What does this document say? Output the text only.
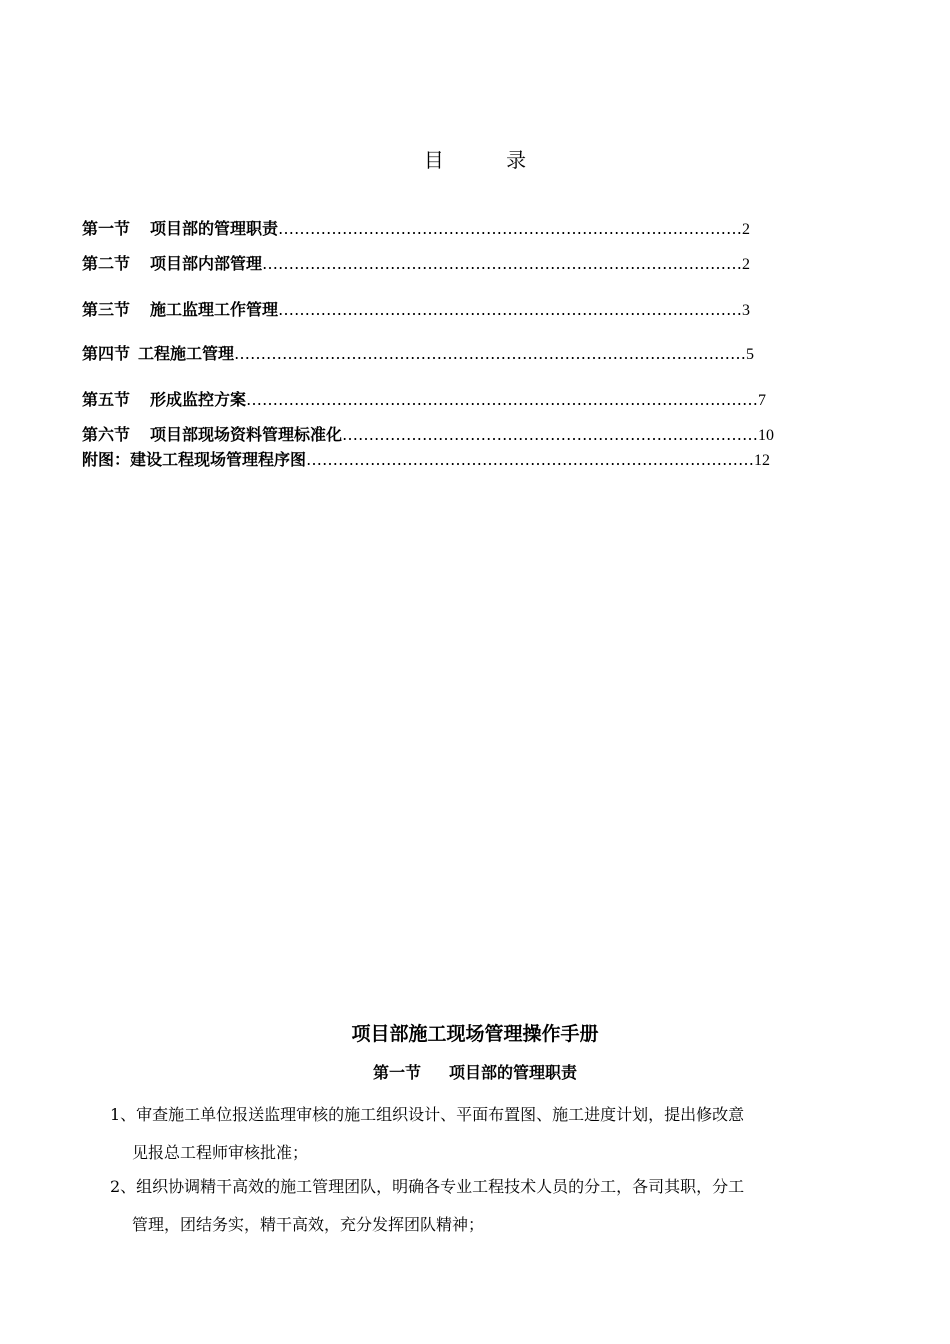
目 录
第一节 项目部的管理职责……………………………………………………………………………2
第二节 项目部内部管理………………………………………………………………………………2
第三节 施工监理工作管理……………………………………………………………………………3
第四节 工程施工管理……………………………………………………………………………………5
第五节 形成监控方案……………………………………………………………………………………7
第六节 项目部现场资料管理标准化……………………………………………………………………10
附图：建设工程现场管理程序图…………………………………………………………………………12
项目部施工现场管理操作手册
第一节 项目部的管理职责
1、审查施工单位报送监理审核的施工组织设计、平面布置图、施工进度计划，提出修改意
见报总工程师审核批准；
2、组织协调精干高效的施工管理团队，明确各专业工程技术人员的分工，各司其职，分工
管理，团结务实，精干高效，充分发挥团队精神；
